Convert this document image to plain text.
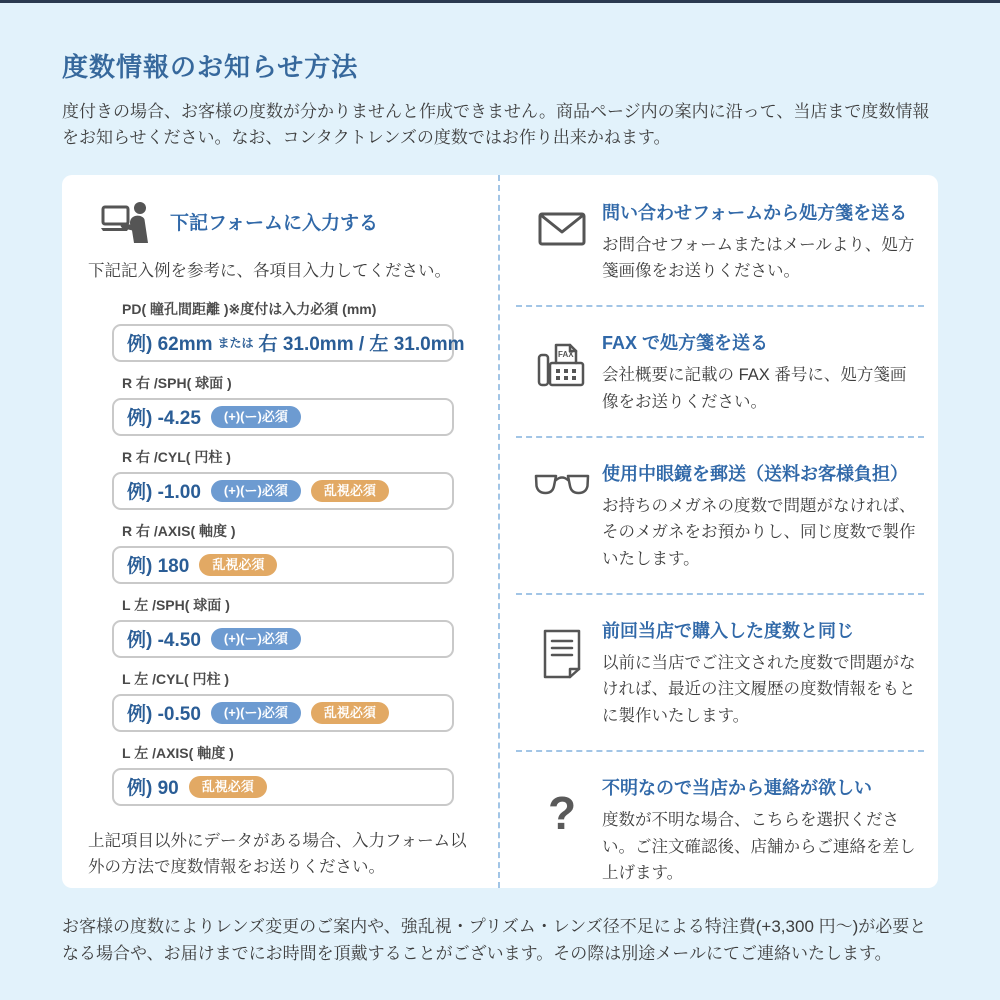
度数情報のお知らせ方法

度付きの場合、お客様の度数が分かりませんと作成できません。商品ページ内の案内に沿って、当店まで度数情報をお知らせください。なお、コンタクトレンズの度数ではお作り出来かねます。

下記フォームに入力する

下記記入例を参考に、各項目入力してください。

PD( 瞳孔間距離 )※度付は入力必須 (mm)
例) 62mm または 右 31.0mm / 左 31.0mm
R 右 /SPH( 球面 )
例) -4.25	(+)(ー)必須
R 右 /CYL( 円柱 )
例) -1.00	(+)(ー)必須	乱視必須
R 右 /AXIS( 軸度 )
例) 180	乱視必須
L 左 /SPH( 球面 )
例) -4.50	(+)(ー)必須
L 左 /CYL( 円柱 )
例) -0.50	(+)(ー)必須	乱視必須
L 左 /AXIS( 軸度 )
例) 90	乱視必須

上記項目以外にデータがある場合、入力フォーム以外の方法で度数情報をお送りください。

問い合わせフォームから処方箋を送る
お問合せフォームまたはメールより、処方箋画像をお送りください。
FAX
FAX で処方箋を送る
会社概要に記載の FAX 番号に、処方箋画像をお送りください。
使用中眼鏡を郵送（送料お客様負担）
お持ちのメガネの度数で問題がなければ、そのメガネをお預かりし、同じ度数で製作いたします。
前回当店で購入した度数と同じ
以前に当店でご注文された度数で問題がなければ、最近の注文履歴の度数情報をもとに製作いたします。
? 不明なので当店から連絡が欲しい
度数が不明な場合、こちらを選択ください。ご注文確認後、店舗からご連絡を差し上げます。

お客様の度数によりレンズ変更のご案内や、強乱視・プリズム・レンズ径不足による特注費(+3,300 円～)が必要となる場合や、お届けまでにお時間を頂戴することがございます。その際は別途メールにてご連絡いたします。
